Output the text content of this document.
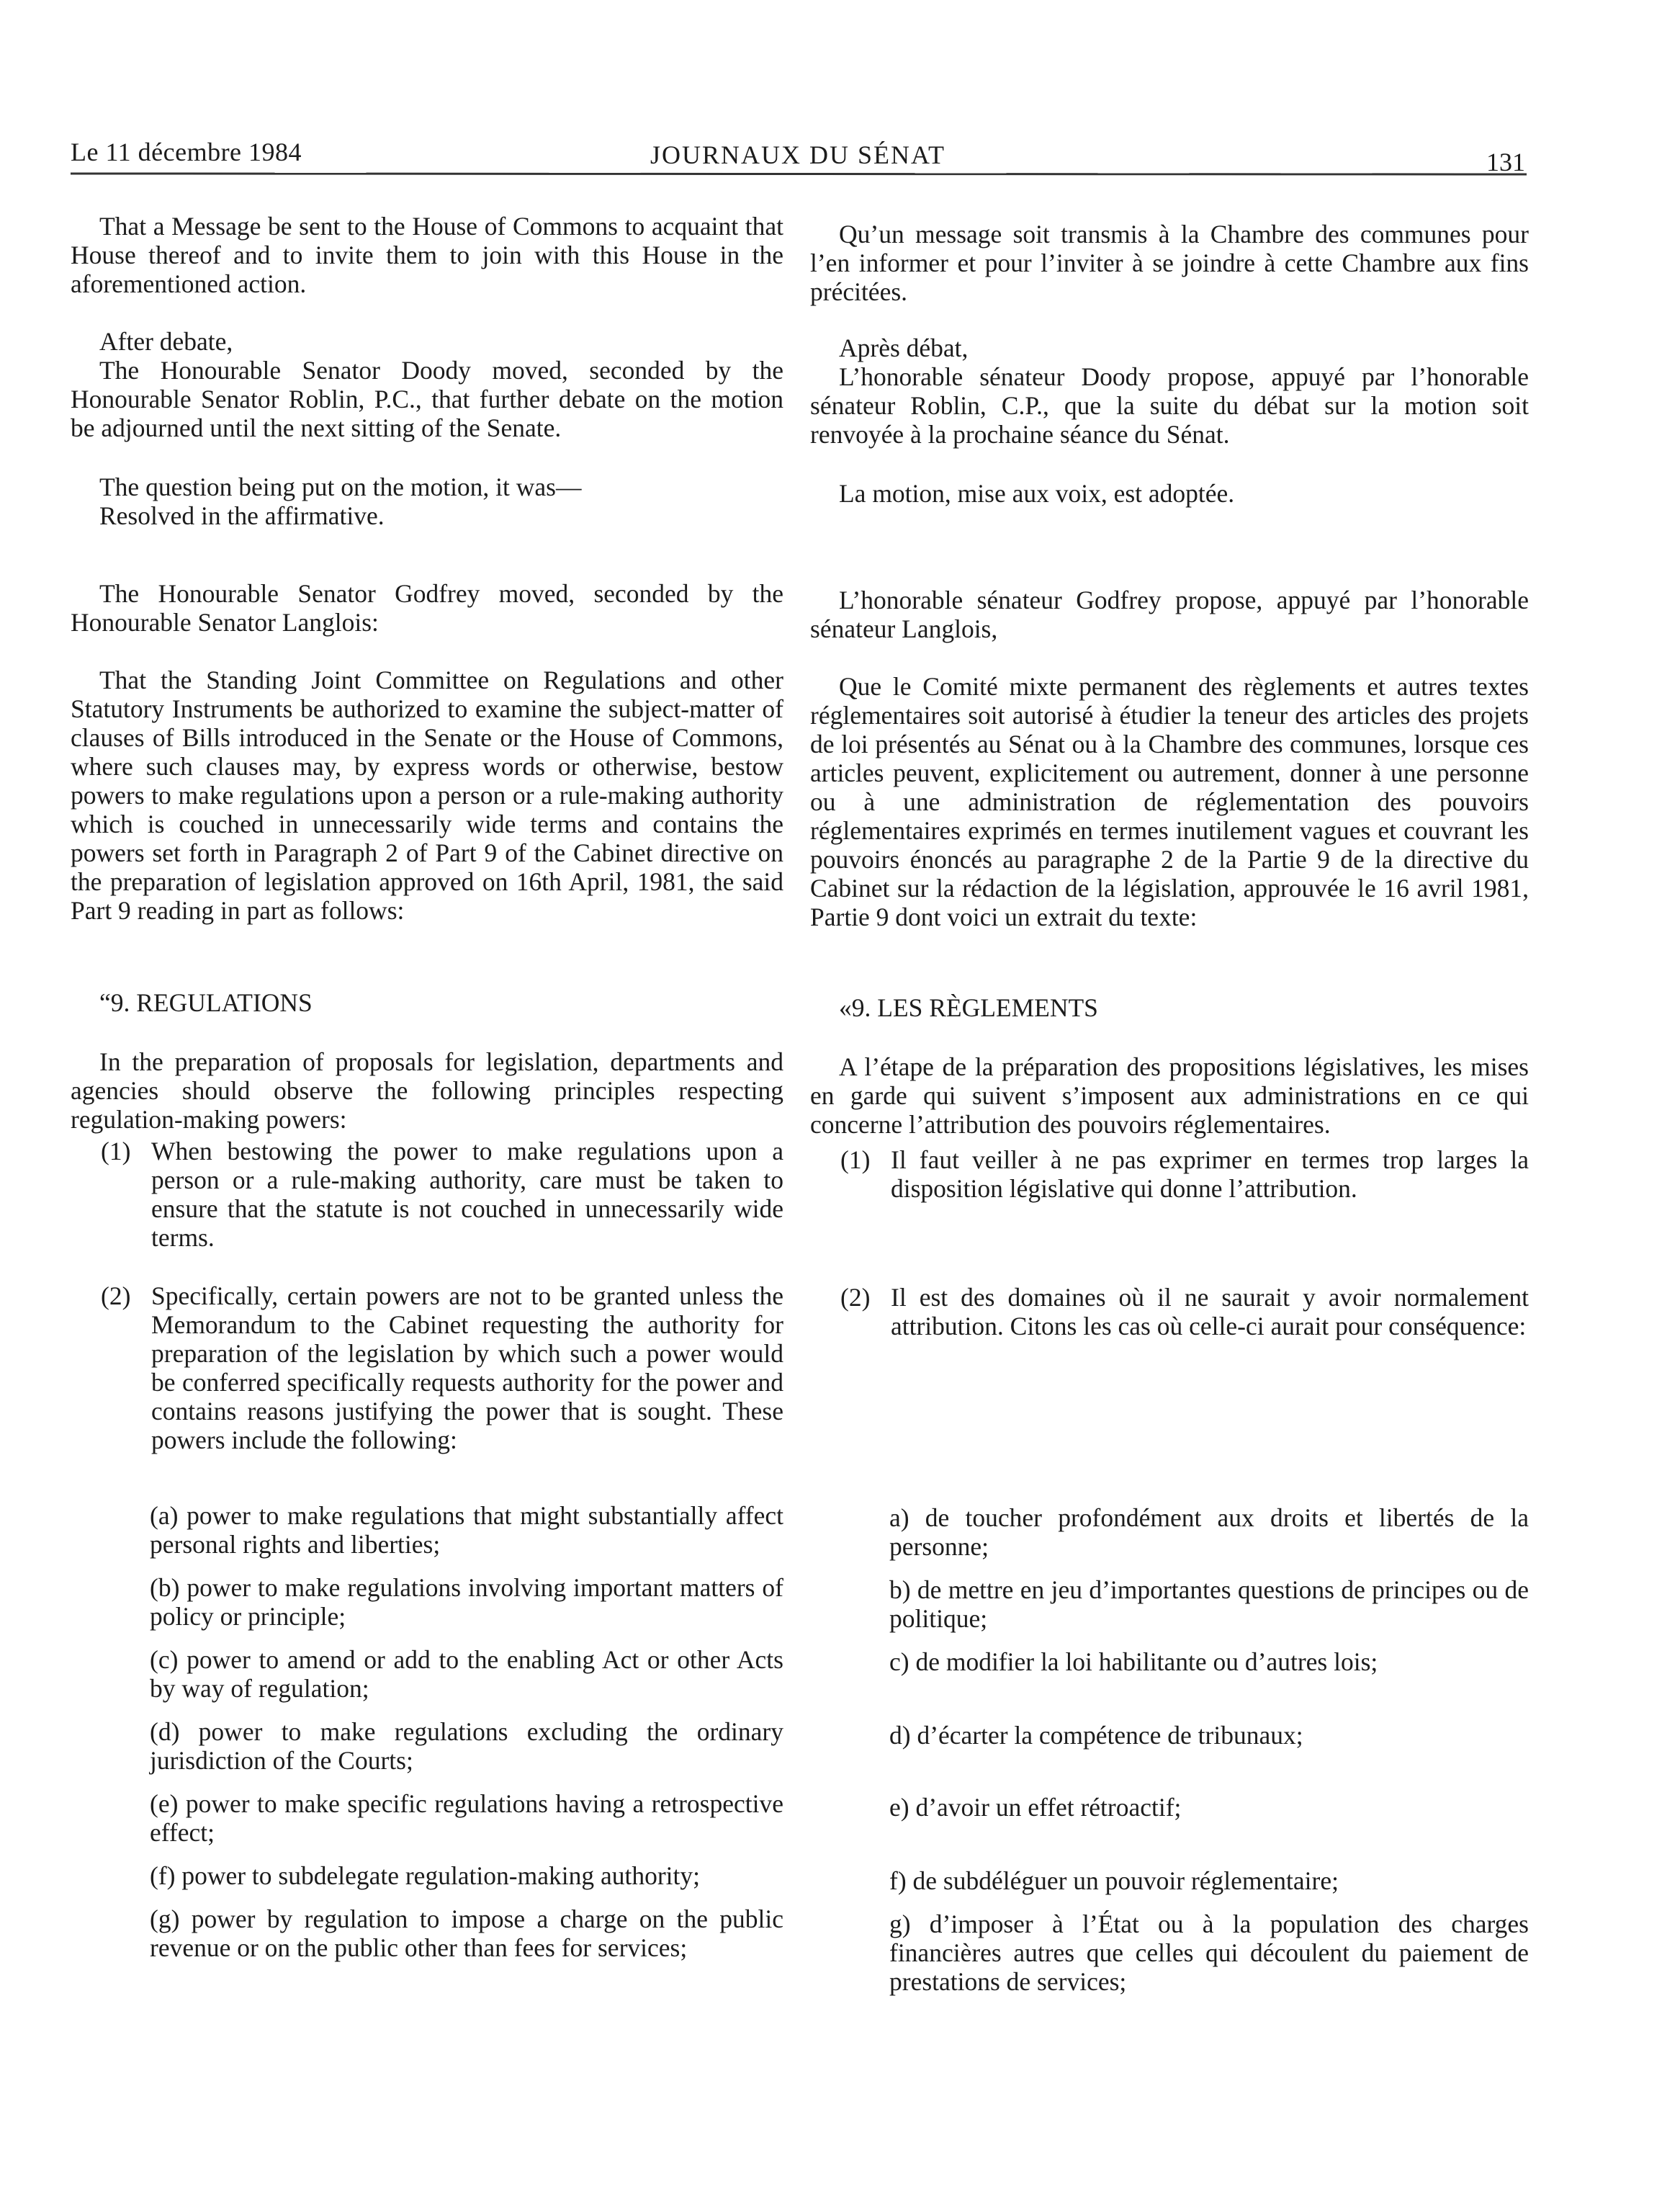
Le 11 décembre 1984	JOURNAUX DU SÉNAT	131

That a Message be sent to the House of Commons to acquaint that House thereof and to invite them to join with this House in the aforementioned action.

After debate,

The Honourable Senator Doody moved, seconded by the Honourable Senator Roblin, P.C., that further debate on the motion be adjourned until the next sitting of the Senate.

The question being put on the motion, it was—

Resolved in the affirmative.

The Honourable Senator Godfrey moved, seconded by the Honourable Senator Langlois:

That the Standing Joint Committee on Regulations and other Statutory Instruments be authorized to examine the subject-matter of clauses of Bills introduced in the Senate or the House of Commons, where such clauses may, by express words or otherwise, bestow powers to make regulations upon a person or a rule-making authority which is couched in unnecessarily wide terms and contains the powers set forth in Paragraph 2 of Part 9 of the Cabinet directive on the preparation of legislation approved on 16th April, 1981, the said Part 9 reading in part as follows:

“9. REGULATIONS

In the preparation of proposals for legislation, departments and agencies should observe the following principles respecting regulation-making powers:

(1) When bestowing the power to make regulations upon a person or a rule-making authority, care must be taken to ensure that the statute is not couched in unnecessarily wide terms.
(2) Specifically, certain powers are not to be granted unless the Memorandum to the Cabinet requesting the authority for preparation of the legislation by which such a power would be conferred specifically requests authority for the power and contains reasons justifying the power that is sought. These powers include the following:

(a) power to make regulations that might substantially affect personal rights and liberties;

(b) power to make regulations involving important matters of policy or principle;

(c) power to amend or add to the enabling Act or other Acts by way of regulation;

(d) power to make regulations excluding the ordinary jurisdiction of the Courts;

(e) power to make specific regulations having a retrospective effect;

(f) power to subdelegate regulation-making authority;

(g) power by regulation to impose a charge on the public revenue or on the public other than fees for services;

Qu’un message soit transmis à la Chambre des communes pour l’en informer et pour l’inviter à se joindre à cette Chambre aux fins précitées.

Après débat,

L’honorable sénateur Doody propose, appuyé par l’honorable sénateur Roblin, C.P., que la suite du débat sur la motion soit renvoyée à la prochaine séance du Sénat.

La motion, mise aux voix, est adoptée.

L’honorable sénateur Godfrey propose, appuyé par l’honorable sénateur Langlois,

Que le Comité mixte permanent des règlements et autres textes réglementaires soit autorisé à étudier la teneur des articles des projets de loi présentés au Sénat ou à la Chambre des communes, lorsque ces articles peuvent, explicitement ou autrement, donner à une personne ou à une administration de réglementation des pouvoirs réglementaires exprimés en termes inutilement vagues et couvrant les pouvoirs énoncés au paragraphe 2 de la Partie 9 de la directive du Cabinet sur la rédaction de la législation, approuvée le 16 avril 1981, Partie 9 dont voici un extrait du texte:

«9. LES RÈGLEMENTS

A l’étape de la préparation des propositions législatives, les mises en garde qui suivent s’imposent aux administrations en ce qui concerne l’attribution des pouvoirs réglementaires.

(1) Il faut veiller à ne pas exprimer en termes trop larges la disposition législative qui donne l’attribution.
(2) Il est des domaines où il ne saurait y avoir normalement attribution. Citons les cas où celle-ci aurait pour conséquence:

a) de toucher profondément aux droits et libertés de la personne;

b) de mettre en jeu d’importantes questions de principes ou de politique;

c) de modifier la loi habilitante ou d’autres lois;

d) d’écarter la compétence de tribunaux;

e) d’avoir un effet rétroactif;

f) de subdéléguer un pouvoir réglementaire;

g) d’imposer à l’État ou à la population des charges financières autres que celles qui découlent du paiement de prestations de services;
